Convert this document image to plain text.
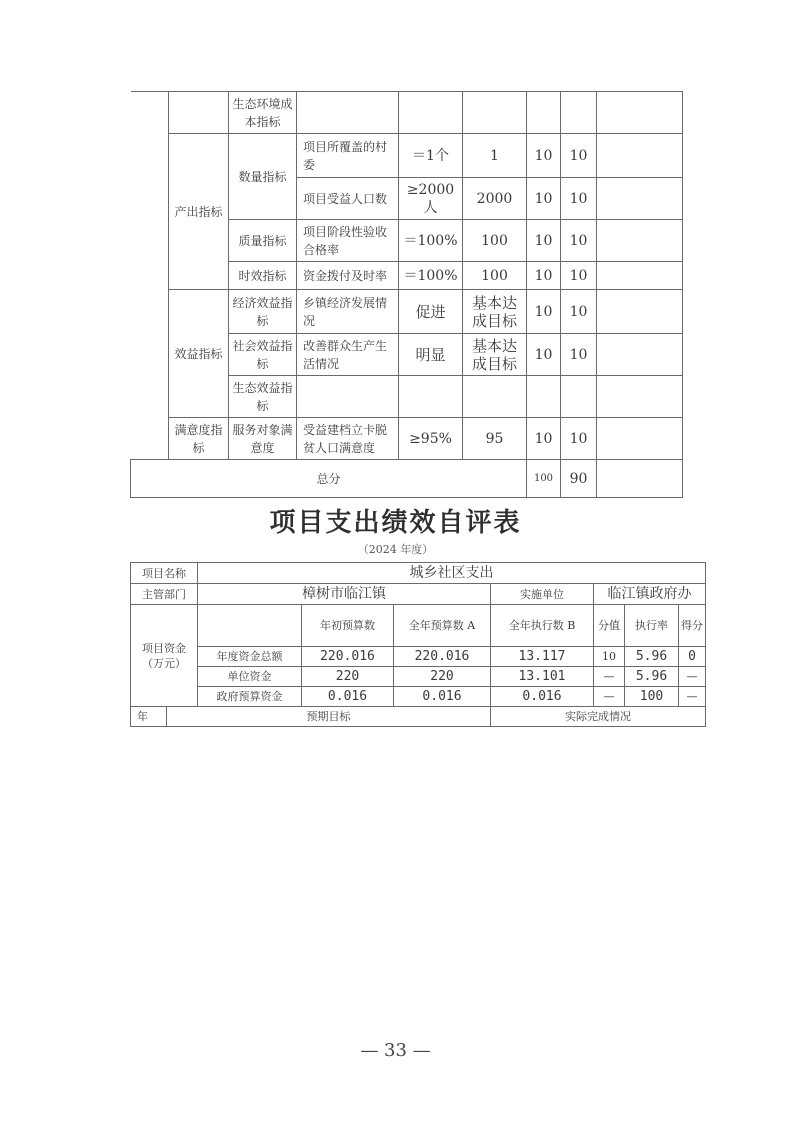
		生态环境成本指标						
	产出指标	数量指标	项目所覆盖的村委	＝1个	1	10	10	
			项目受益人口数	≥2000人	2000	10	10	
		质量指标	项目阶段性验收合格率	＝100%	100	10	10	
		时效指标	资金拨付及时率	＝100%	100	10	10	
	效益指标	经济效益指标	乡镇经济发展情况	促进	基本达成目标	10	10	
		社会效益指标	改善群众生产生活情况	明显	基本达成目标	10	10	
		生态效益指标						
	满意度指标	服务对象满意度	受益建档立卡脱贫人口满意度	≥95%	95	10	10	
总分						100	90	
项目支出绩效自评表
（2024 年度）
项目名称		城乡社区支出						
主管部门		樟树市临江镇			实施单位	临江镇政府办		
项目资金（万元）			年初预算数	全年预算数 A	全年执行数 B	分值	执行率	得分
		年度资金总额	220.016	220.016	13.117	10	5.96	0
		单位资金	220	220	13.101	—	5.96	—
		政府预算资金	0.016	0.016	0.016	—	100	—
年	预期目标				实际完成情况			
— 33 —
